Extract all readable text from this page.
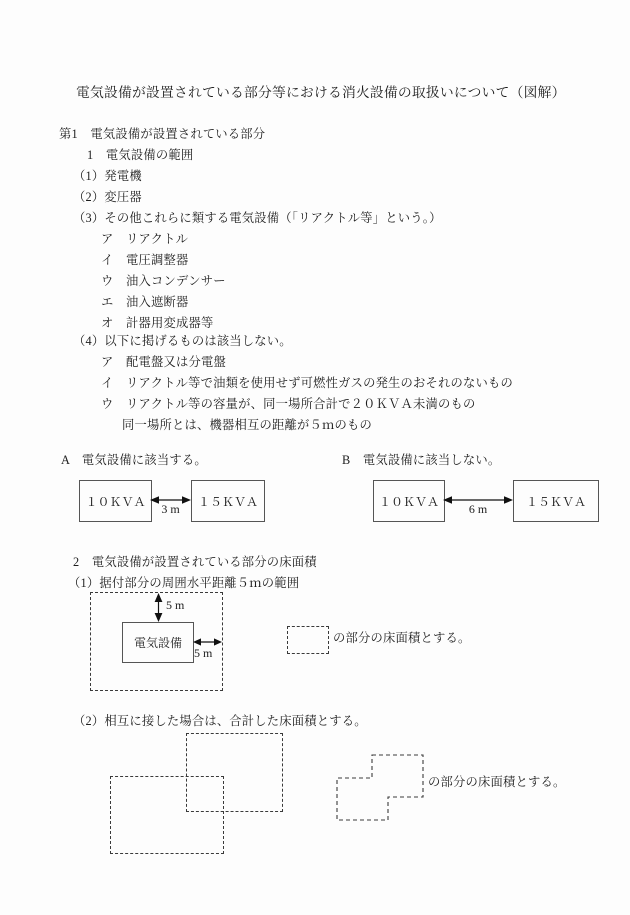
電気設備が設置されている部分等における消火設備の取扱いについて（図解）
第1　電気設備が設置されている部分
1　電気設備の範囲
（1）発電機
（2）変圧器
（3）その他これらに類する電気設備（「リアクトル等」という。）
ア　リアクトル
イ　電圧調整器
ウ　油入コンデンサー
エ　油入遮断器
オ　計器用変成器等
（4）以下に掲げるものは該当しない。
ア　配電盤又は分電盤
イ　リアクトル等で油類を使用せず可燃性ガスの発生のおそれのないもの
ウ　リアクトル等の容量が、同一場所合計で２０ＫＶＡ未満のもの
同一場所とは、機器相互の距離が５ｍのもの
A　電気設備に該当する。
１０ＫＶＡ	１５ＫＶＡ
3 m
B　電気設備に該当しない。
１０ＫＶＡ	１５ＫＶＡ
6 m
2　電気設備が設置されている部分の床面積
（1）据付部分の周囲水平距離５ｍの範囲
電気設備
5 m
5 m
の部分の床面積とする。
（2）相互に接した場合は、合計した床面積とする。
の部分の床面積とする。
